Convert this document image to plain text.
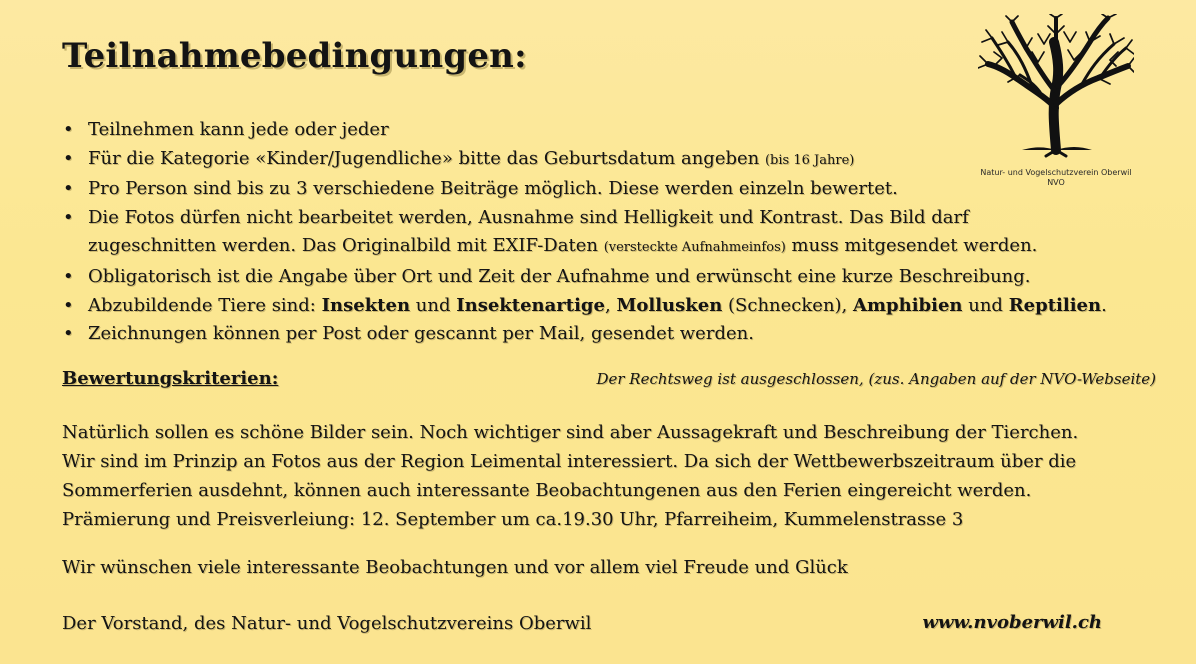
Teilnahmebedingungen:
Natur- und Vogelschutzverein Oberwil
NVO
• Teilnehmen kann jede oder jeder
• Für die Kategorie «Kinder/Jugendliche» bitte das Geburtsdatum angeben (bis 16 Jahre)
• Pro Person sind bis zu 3 verschiedene Beiträge möglich. Diese werden einzeln bewertet.
• Die Fotos dürfen nicht bearbeitet werden, Ausnahme sind Helligkeit und Kontrast. Das Bild darf
zugeschnitten werden. Das Originalbild mit EXIF-Daten (versteckte Aufnahmeinfos) muss mitgesendet werden.
• Obligatorisch ist die Angabe über Ort und Zeit der Aufnahme und erwünscht eine kurze Beschreibung.
• Abzubildende Tiere sind: Insekten und Insektenartige, Mollusken (Schnecken), Amphibien und Reptilien.
• Zeichnungen können per Post oder gescannt per Mail, gesendet werden.
Bewertungskriterien:	Der Rechtsweg ist ausgeschlossen, (zus. Angaben auf der NVO-Webseite)
Natürlich sollen es schöne Bilder sein. Noch wichtiger sind aber Aussagekraft und Beschreibung der Tierchen.
Wir sind im Prinzip an Fotos aus der Region Leimental interessiert. Da sich der Wettbewerbszeitraum über die
Sommerferien ausdehnt, können auch interessante Beobachtungenen aus den Ferien eingereicht werden.
Prämierung und Preisverleiung: 12. September um ca.19.30 Uhr, Pfarreiheim, Kummelenstrasse 3
Wir wünschen viele interessante Beobachtungen und vor allem viel Freude und Glück
Der Vorstand, des Natur- und Vogelschutzvereins Oberwil	www.nvoberwil.ch
